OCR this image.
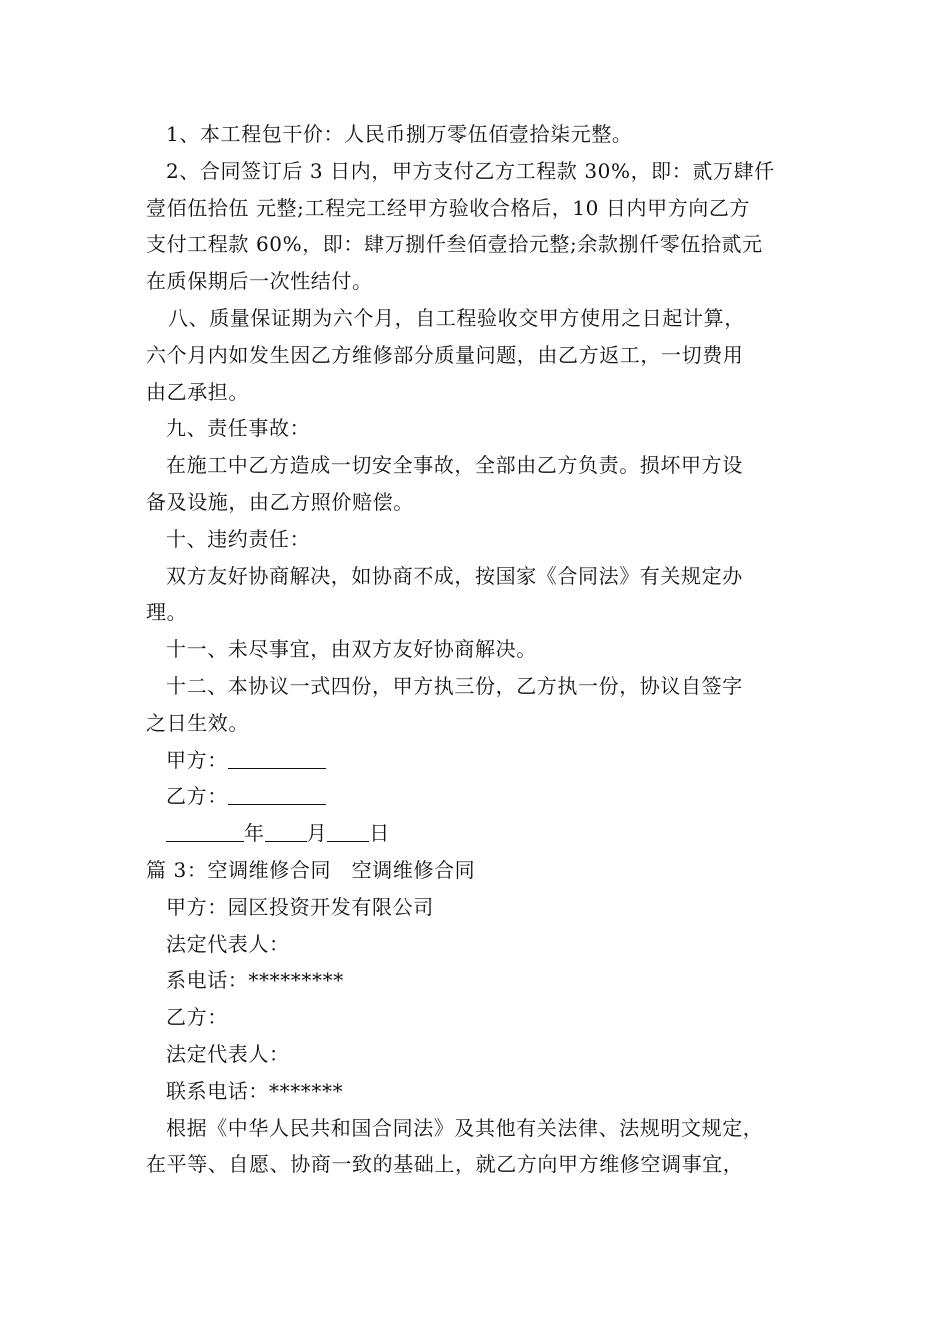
1、本工程包干价：人民币捌万零伍佰壹拾柒元整。
2、合同签订后 3 日内，甲方支付乙方工程款 30%，即：贰万肆仟
壹佰伍拾伍 元整;工程完工经甲方验收合格后，10 日内甲方向乙方
支付工程款 60%，即：肆万捌仟叁佰壹拾元整;余款捌仟零伍拾贰元
在质保期后一次性结付。
八、质量保证期为六个月，自工程验收交甲方使用之日起计算，
六个月内如发生因乙方维修部分质量问题，由乙方返工，一切费用
由乙承担。
九、责任事故：
在施工中乙方造成一切安全事故，全部由乙方负责。损坏甲方设
备及设施，由乙方照价赔偿。
十、违约责任：
双方友好协商解决，如协商不成，按国家《合同法》有关规定办
理。
十一、未尽事宜，由双方友好协商解决。
十二、本协议一式四份，甲方执三份，乙方执一份，协议自签字
之日生效。
甲方：
乙方：
年 月 日
篇 3：空调维修合同　空调维修合同
甲方：园区投资开发有限公司
法定代表人：
系电话：*********
乙方：
法定代表人：
联系电话：*******
根据《中华人民共和国合同法》及其他有关法律、法规明文规定，
在平等、自愿、协商一致的基础上，就乙方向甲方维修空调事宜，
